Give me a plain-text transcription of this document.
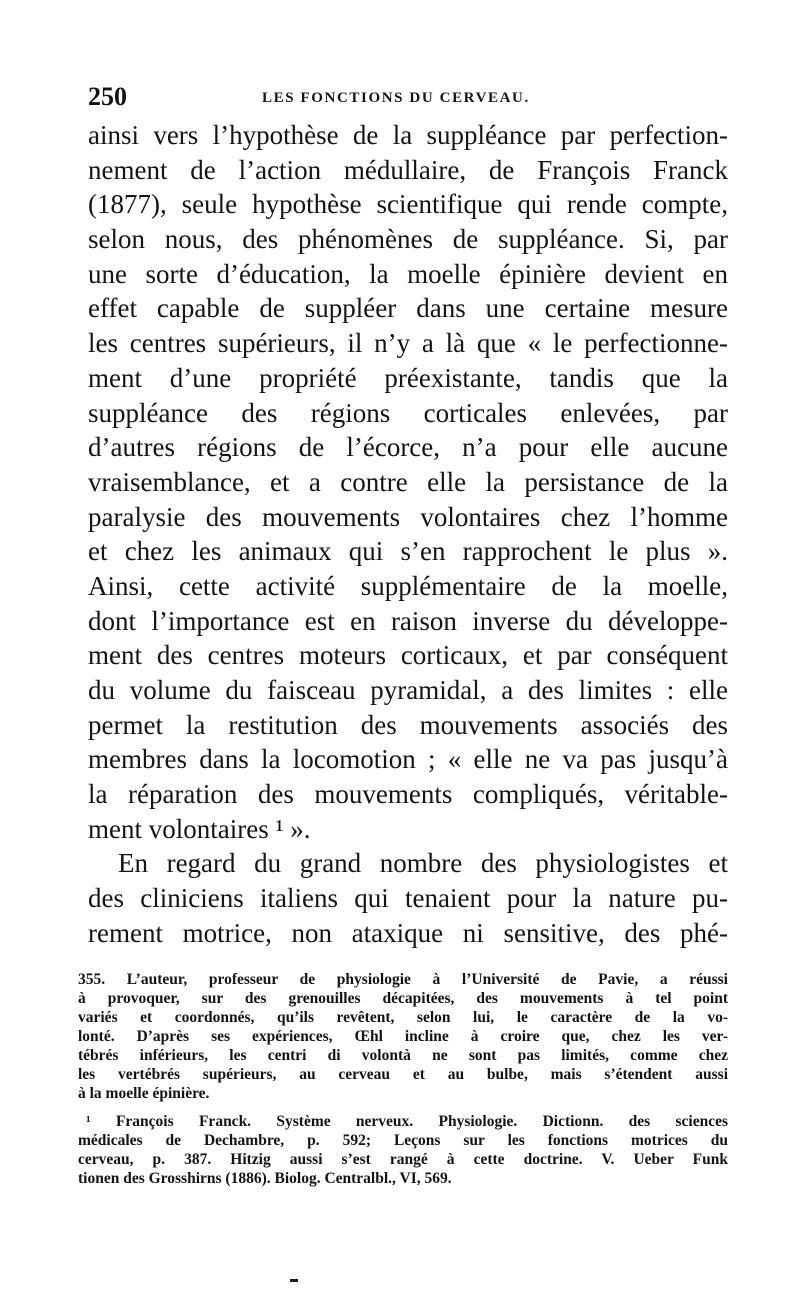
250	LES FONCTIONS DU CERVEAU.
ainsi vers l’hypothèse de la suppléance par perfection-
nement de l’action médullaire, de François Franck
(1877), seule hypothèse scientifique qui rende compte,
selon nous, des phénomènes de suppléance. Si, par
une sorte d’éducation, la moelle épinière devient en
effet capable de suppléer dans une certaine mesure
les centres supérieurs, il n’y a là que « le perfectionne-
ment d’une propriété préexistante, tandis que la
suppléance des régions corticales enlevées, par
d’autres régions de l’écorce, n’a pour elle aucune
vraisemblance, et a contre elle la persistance de la
paralysie des mouvements volontaires chez l’homme
et chez les animaux qui s’en rapprochent le plus ».
Ainsi, cette activité supplémentaire de la moelle,
dont l’importance est en raison inverse du développe-
ment des centres moteurs corticaux, et par conséquent
du volume du faisceau pyramidal, a des limites : elle
permet la restitution des mouvements associés des
membres dans la locomotion ; « elle ne va pas jusqu’à
la réparation des mouvements compliqués, véritable-
ment volontaires ¹ ».
En regard du grand nombre des physiologistes et
des cliniciens italiens qui tenaient pour la nature pu-
rement motrice, non ataxique ni sensitive, des phé-
355. L’auteur, professeur de physiologie à l’Université de Pavie, a réussi
à provoquer, sur des grenouilles décapitées, des mouvements à tel point
variés et coordonnés, qu’ils revêtent, selon lui, le caractère de la vo-
lonté. D’après ses expériences, Œhl incline à croire que, chez les ver-
tébrés inférieurs, les centri di volontà ne sont pas limités, comme chez
les vertébrés supérieurs, au cerveau et au bulbe, mais s’étendent aussi
à la moelle épinière.
¹ François Franck. Système nerveux. Physiologie. Dictionn. des sciences
médicales de Dechambre, p. 592; Leçons sur les fonctions motrices du
cerveau, p. 387. Hitzig aussi s’est rangé à cette doctrine. V. Ueber Funk
tionen des Grosshirns (1886). Biolog. Centralbl., VI, 569.
